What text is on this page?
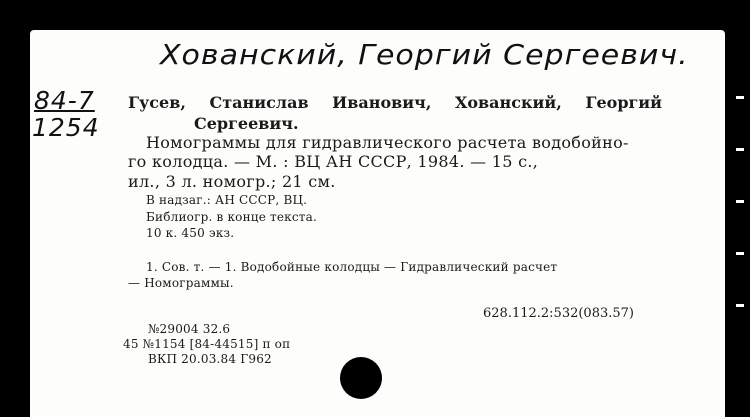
Хованский, Георгий Сергеевич.
84-7
1254
Гусев, Станислав Иванович, Хованский, Георгий
Сергеевич.
Номограммы для гидравлического расчета водобойно-
го колодца. — М. : ВЦ АН СССР, 1984. — 15 с.,
ил., 3 л. номогр.; 21 см.
В надзаг.: АН СССР, ВЦ.
Библиогр. в конце текста.
10 к. 450 экз.
1. Сов. т. — 1. Водобойные колодцы — Гидравлический расчет
— Номограммы.
628.112.2:532(083.57)
№29004 32.6
45 №1154 [84-44515] п оп
ВКП 20.03.84 Г962
